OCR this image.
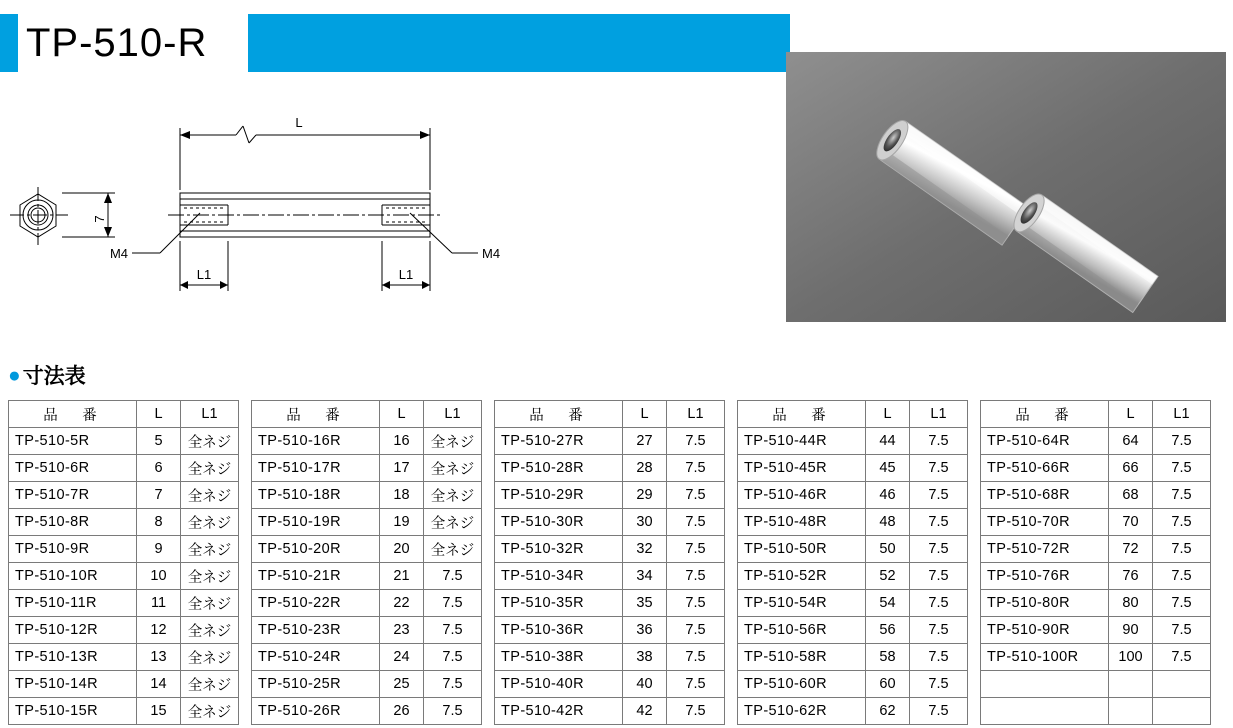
TP-510-R
L
7
M4	M4
L1	L1
● 寸法表
品　番	L	L1
TP-510-5R	5	全ネジ
TP-510-6R	6	全ネジ
TP-510-7R	7	全ネジ
TP-510-8R	8	全ネジ
TP-510-9R	9	全ネジ
TP-510-10R	10	全ネジ
TP-510-11R	11	全ネジ
TP-510-12R	12	全ネジ
TP-510-13R	13	全ネジ
TP-510-14R	14	全ネジ
TP-510-15R	15	全ネジ
品　番	L	L1
TP-510-16R	16	全ネジ
TP-510-17R	17	全ネジ
TP-510-18R	18	全ネジ
TP-510-19R	19	全ネジ
TP-510-20R	20	全ネジ
TP-510-21R	21	7.5
TP-510-22R	22	7.5
TP-510-23R	23	7.5
TP-510-24R	24	7.5
TP-510-25R	25	7.5
TP-510-26R	26	7.5
品　番	L	L1
TP-510-27R	27	7.5
TP-510-28R	28	7.5
TP-510-29R	29	7.5
TP-510-30R	30	7.5
TP-510-32R	32	7.5
TP-510-34R	34	7.5
TP-510-35R	35	7.5
TP-510-36R	36	7.5
TP-510-38R	38	7.5
TP-510-40R	40	7.5
TP-510-42R	42	7.5
品　番	L	L1
TP-510-44R	44	7.5
TP-510-45R	45	7.5
TP-510-46R	46	7.5
TP-510-48R	48	7.5
TP-510-50R	50	7.5
TP-510-52R	52	7.5
TP-510-54R	54	7.5
TP-510-56R	56	7.5
TP-510-58R	58	7.5
TP-510-60R	60	7.5
TP-510-62R	62	7.5
品　番	L	L1
TP-510-64R	64	7.5
TP-510-66R	66	7.5
TP-510-68R	68	7.5
TP-510-70R	70	7.5
TP-510-72R	72	7.5
TP-510-76R	76	7.5
TP-510-80R	80	7.5
TP-510-90R	90	7.5
TP-510-100R	100	7.5
